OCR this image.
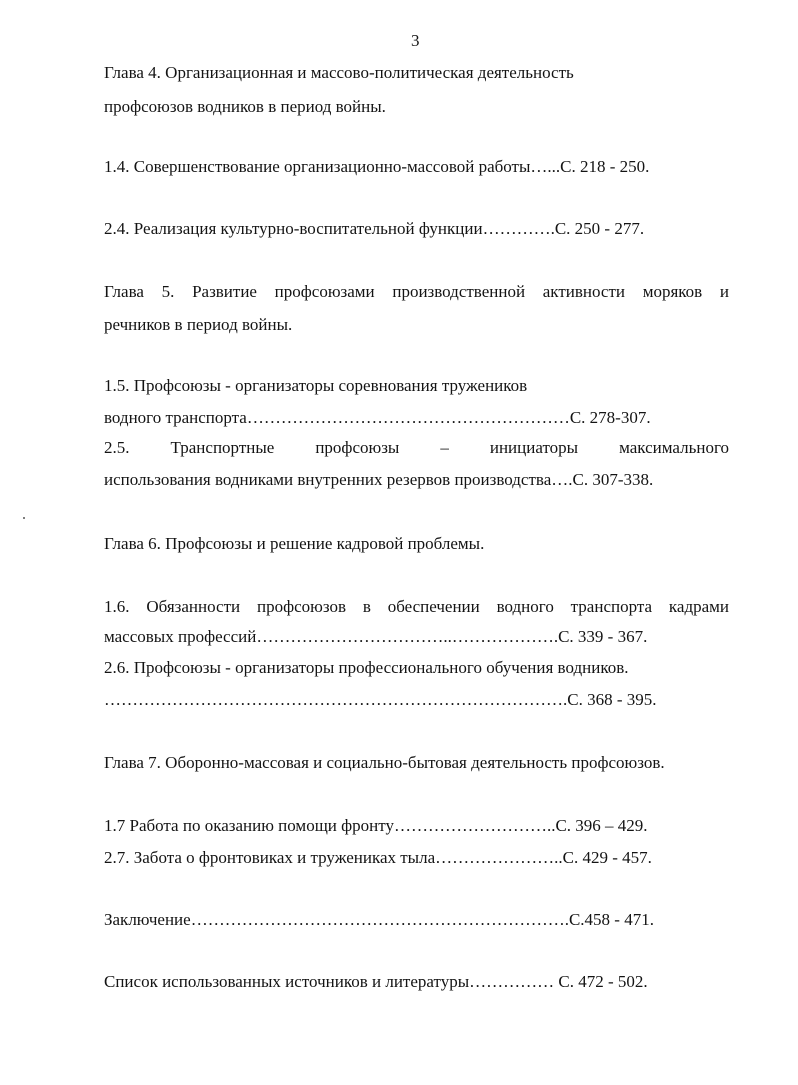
3
Глава 4. Организационная и массово-политическая деятельность
профсоюзов водников в период войны.
1.4. Совершенствование организационно-массовой работы…...С. 218 - 250.
2.4. Реализация культурно-воспитательной функции………….С. 250 - 277.
Глава 5. Развитие профсоюзами производственной активности моряков и
речников в период войны.
1.5. Профсоюзы - организаторы соревнования тружеников
водного транспорта…………………………………………………С. 278-307.
2.5. Транспортные профсоюзы – инициаторы максимального
использования водниками внутренних резервов производства….С. 307-338.
Глава 6. Профсоюзы и решение кадровой проблемы.
1.6. Обязанности профсоюзов в обеспечении водного транспорта кадрами
массовых профессий……………………………..……………….С. 339 - 367.
2.6. Профсоюзы - организаторы профессионального обучения водников.
……………………………………………………………………….С. 368 - 395.
Глава 7. Оборонно-массовая и социально-бытовая деятельность профсоюзов.
1.7 Работа по оказанию помощи фронту………………………..С. 396 – 429.
2.7. Забота о фронтовиках и тружениках тыла…………………..С. 429 - 457.
Заключение………………………………………………………….С.458 - 471.
Список использованных источников и литературы…………… С. 472 - 502.
